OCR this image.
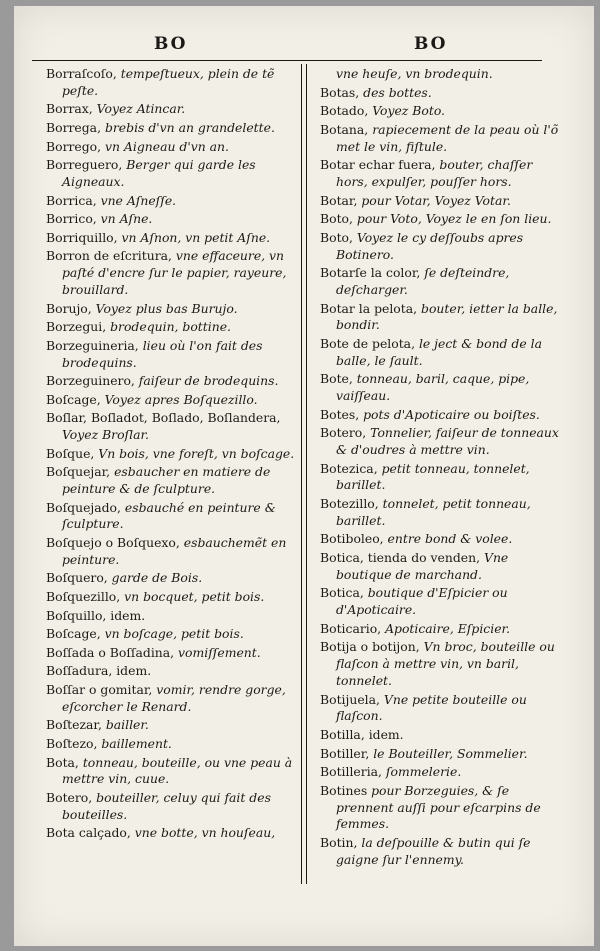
BO	BO
Borraſcoſo, tempeſtueux, plein de tẽ peſte.
Borrax, Voyez Atincar.
Borrega, brebis d'vn an grandelette.
Borrego, vn Aigneau d'vn an.
Borreguero, Berger qui garde les Aigneaux.
Borrica, vne Aſneſſe.
Borrico, vn Aſne.
Borriquillo, vn Aſnon, vn petit Aſne.
Borron de eſcritura, vne effaceure, vn paſté d'encre ſur le papier, rayeure, brouillard.
Borujo, Voyez plus bas Burujo.
Borzegui, brodequin, bottine.
Borzeguineria, lieu où l'on fait des brodequins.
Borzeguinero, faiſeur de brodequins.
Boſcage, Voyez apres Boſquezillo.
Boſlar, Boſladot, Boſlado, Boſlandera, Voyez Broſlar.
Boſque, Vn bois, vne foreſt, vn boſcage.
Boſquejar, esbaucher en matiere de peinture & de ſculpture.
Boſquejado, esbauché en peinture & ſculpture.
Boſquejo o Boſquexo, esbauchemẽt en peinture.
Boſquero, garde de Bois.
Boſquezillo, vn bocquet, petit bois.
Boſquillo, idem.
Boſcage, vn boſcage, petit bois.
Boſſada o Boſſadina, vomiſſement.
Boſſadura, idem.
Boſſar o gomitar, vomir, rendre gorge, eſcorcher le Renard.
Boſtezar, bailler.
Boſtezo, baillement.
Bota, tonneau, bouteille, ou vne peau à mettre vin, cuue.
Botero, bouteiller, celuy qui fait des bouteilles.
Bota calçado, vne botte, vn houſeau,
vne heuſe, vn brodequin.
Botas, des bottes.
Botado, Voyez Boto.
Botana, rapiecement de la peau où l'õ met le vin, fiſtule.
Botar echar fuera, bouter, chaſſer hors, expulſer, pouſſer hors.
Botar, pour Votar, Voyez Votar.
Boto, pour Voto, Voyez le en ſon lieu.
Boto, Voyez le cy deſſoubs apres Botinero.
Botarſe la color, ſe deſteindre, deſcharger.
Botar la pelota, bouter, ietter la balle, bondir.
Bote de pelota, le ject & bond de la balle, le ſault.
Bote, tonneau, baril, caque, pipe, vaiſſeau.
Botes, pots d'Apoticaire ou boiſtes.
Botero, Tonnelier, faiſeur de tonneaux & d'oudres à mettre vin.
Botezica, petit tonneau, tonnelet, barillet.
Botezillo, tonnelet, petit tonneau, barillet.
Botiboleo, entre bond & volee.
Botica, tienda do venden, Vne boutique de marchand.
Botica, boutique d'Eſpicier ou d'Apoticaire.
Boticario, Apoticaire, Eſpicier.
Botija o botijon, Vn broc, bouteille ou flaſcon à mettre vin, vn baril, tonnelet.
Botijuela, Vne petite bouteille ou flaſcon.
Botilla, idem.
Botiller, le Bouteiller, Sommelier.
Botilleria, ſommelerie.
Botines pour Borzeguies, & ſe prennent auſſi pour eſcarpins de femmes.
Botin, la deſpouille & butin qui ſe gaigne ſur l'ennemy.
